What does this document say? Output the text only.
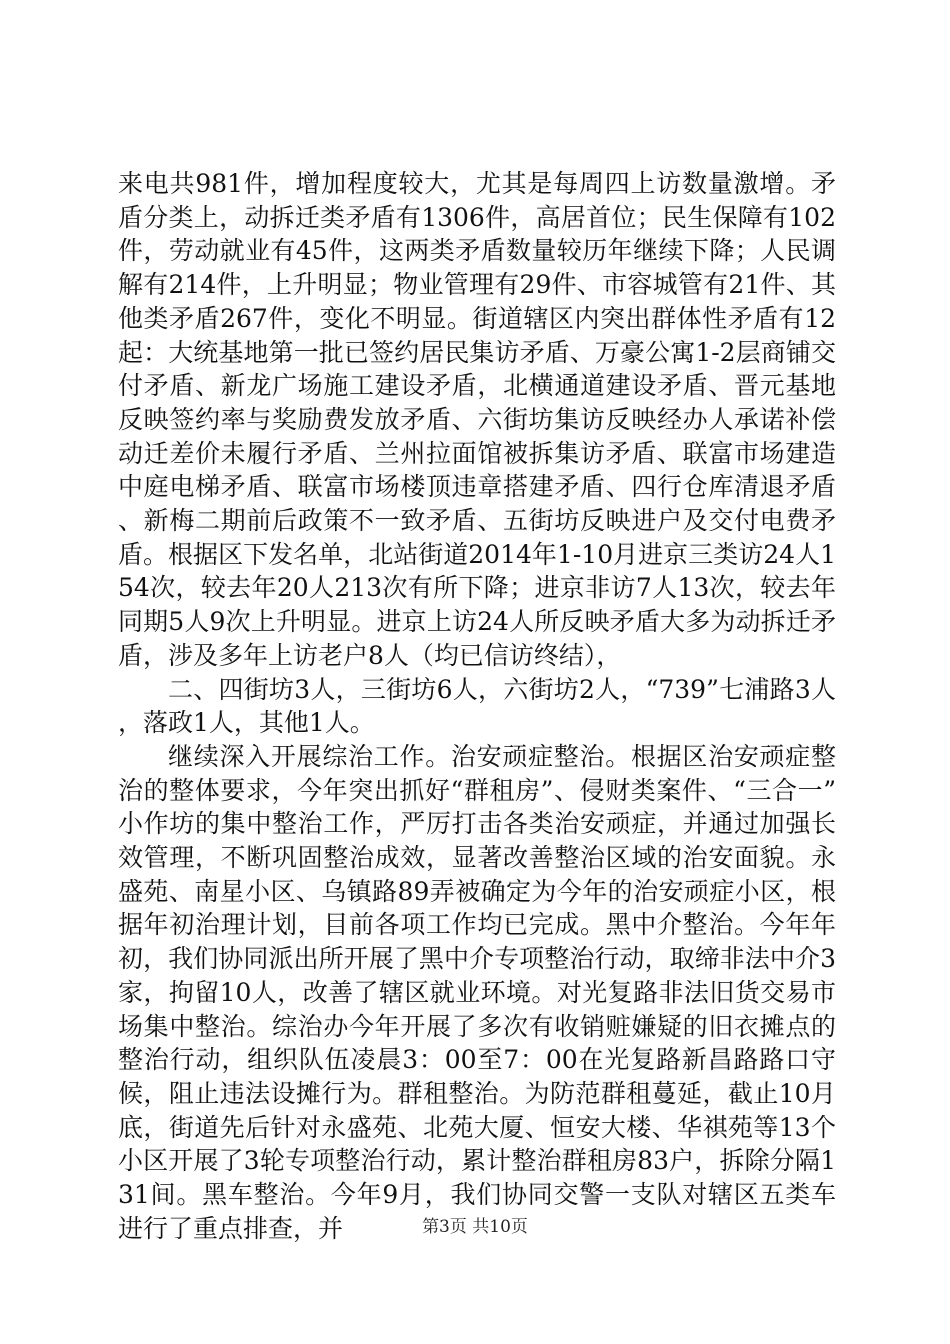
来电共981件，增加程度较大，尤其是每周四上访数量激增。矛盾分类上，动拆迁类矛盾有1306件，高居首位；民生保障有102件，劳动就业有45件，这两类矛盾数量较历年继续下降；人民调解有214件，上升明显；物业管理有29件、市容城管有21件、其他类矛盾267件，变化不明显。街道辖区内突出群体性矛盾有12起：大统基地第一批已签约居民集访矛盾、万豪公寓1-2层商铺交付矛盾、新龙广场施工建设矛盾，北横通道建设矛盾、晋元基地反映签约率与奖励费发放矛盾、六街坊集访反映经办人承诺补偿动迁差价未履行矛盾、兰州拉面馆被拆集访矛盾、联富市场建造中庭电梯矛盾、联富市场楼顶违章搭建矛盾、四行仓库清退矛盾、新梅二期前后政策不一致矛盾、五街坊反映进户及交付电费矛盾。根据区下发名单，北站街道2014年1-10月进京三类访24人154次，较去年20人213次有所下降；进京非访7人13次，较去年同期5人9次上升明显。进京上访24人所反映矛盾大多为动拆迁矛盾，涉及多年上访老户8人（均已信访终结），

二、四街坊3人，三街坊6人，六街坊2人，“739”七浦路3人，落政1人，其他1人。

继续深入开展综治工作。治安顽症整治。根据区治安顽症整治的整体要求，今年突出抓好“群租房”、侵财类案件、“三合一”小作坊的集中整治工作，严厉打击各类治安顽症，并通过加强长效管理，不断巩固整治成效，显著改善整治区域的治安面貌。永盛苑、南星小区、乌镇路89弄被确定为今年的治安顽症小区，根据年初治理计划，目前各项工作均已完成。黑中介整治。今年年初，我们协同派出所开展了黑中介专项整治行动，取缔非法中介3家，拘留10人，改善了辖区就业环境。对光复路非法旧货交易市场集中整治。综治办今年开展了多次有收销赃嫌疑的旧衣摊点的整治行动，组织队伍凌晨3：00至7：00在光复路新昌路路口守候，阻止违法设摊行为。群租整治。为防范群租蔓延，截止10月底，街道先后针对永盛苑、北苑大厦、恒安大楼、华祺苑等13个小区开展了3轮专项整治行动，累计整治群租房83户，拆除分隔131间。黑车整治。今年9月，我们协同交警一支队对辖区五类车进行了重点排查，并	第3页 共10页
